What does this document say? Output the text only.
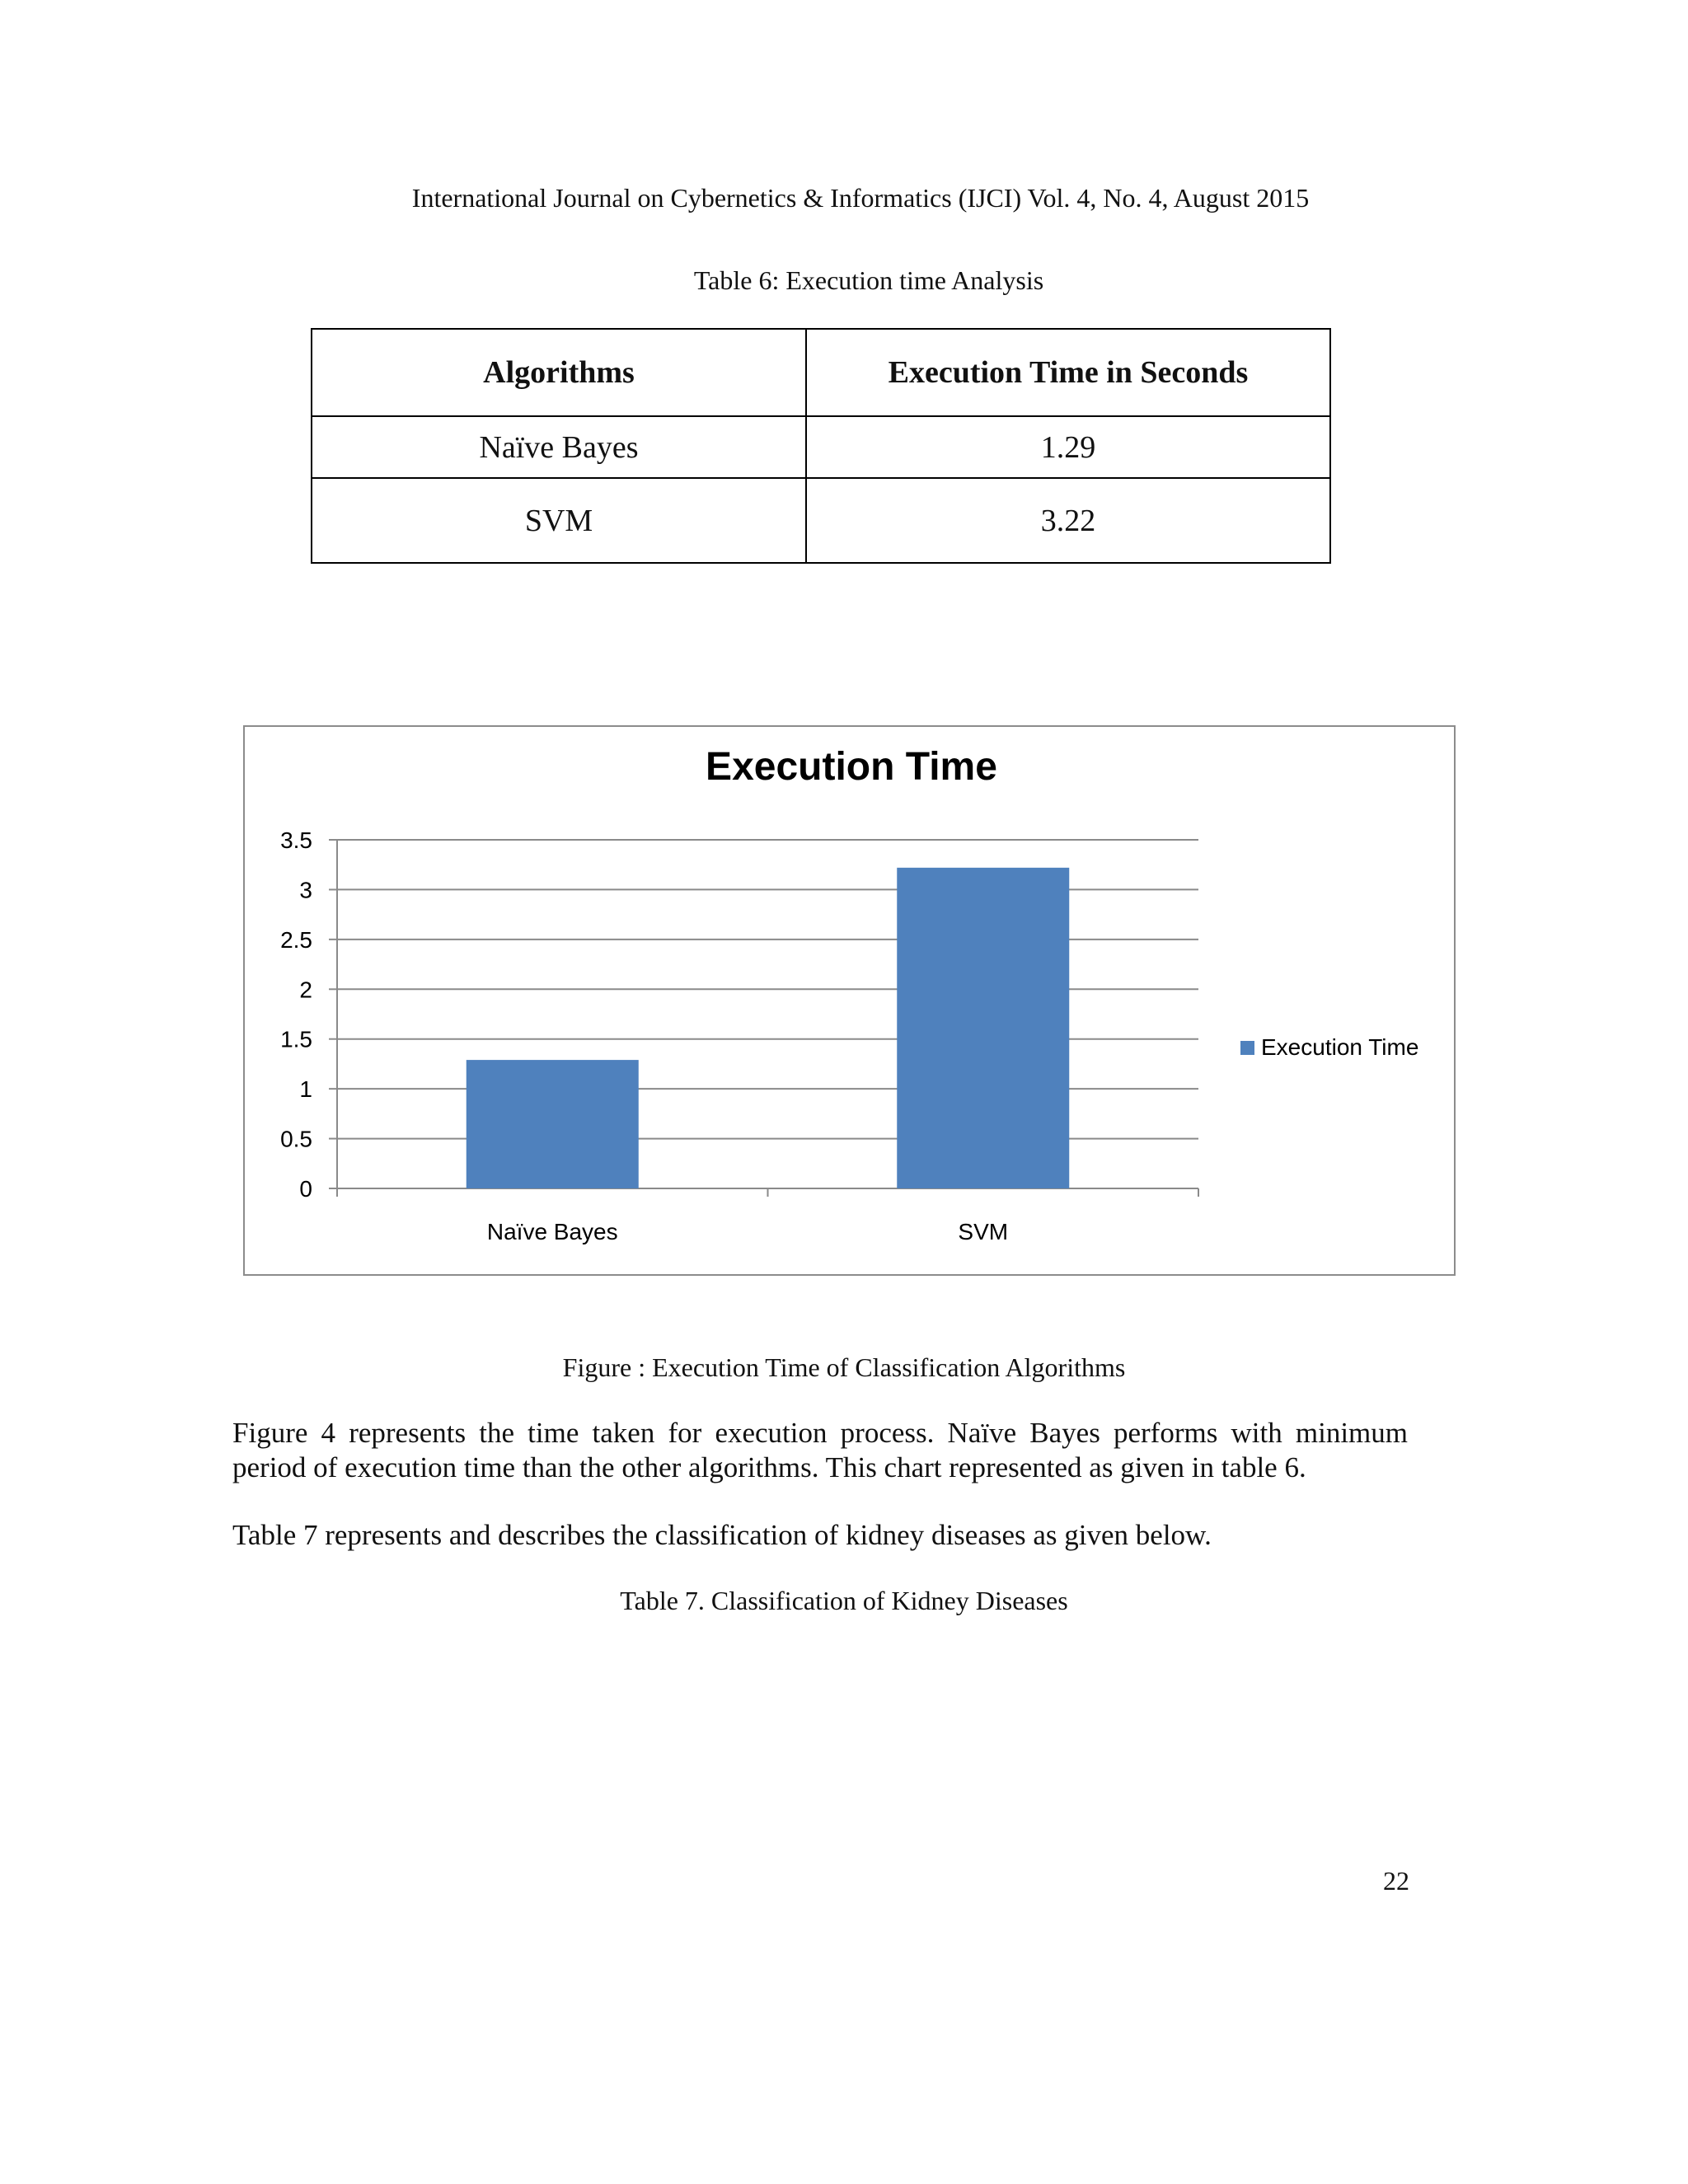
International Journal on Cybernetics & Informatics (IJCI) Vol. 4, No. 4, August 2015
Table 6: Execution time Analysis
Algorithms	Execution Time in Seconds
Naïve Bayes	1.29
SVM	3.22
Execution Time
0
0.5
1
1.5
2
2.5
3
3.5
Naïve Bayes	SVM
Execution Time
Figure : Execution Time of Classification Algorithms
Figure 4 represents the time taken for execution process. Naïve Bayes performs with minimum period of execution time than the other algorithms. This chart represented as given in table 6.
Table 7 represents and describes the classification of kidney diseases as given below.
Table 7. Classification of Kidney Diseases
22
